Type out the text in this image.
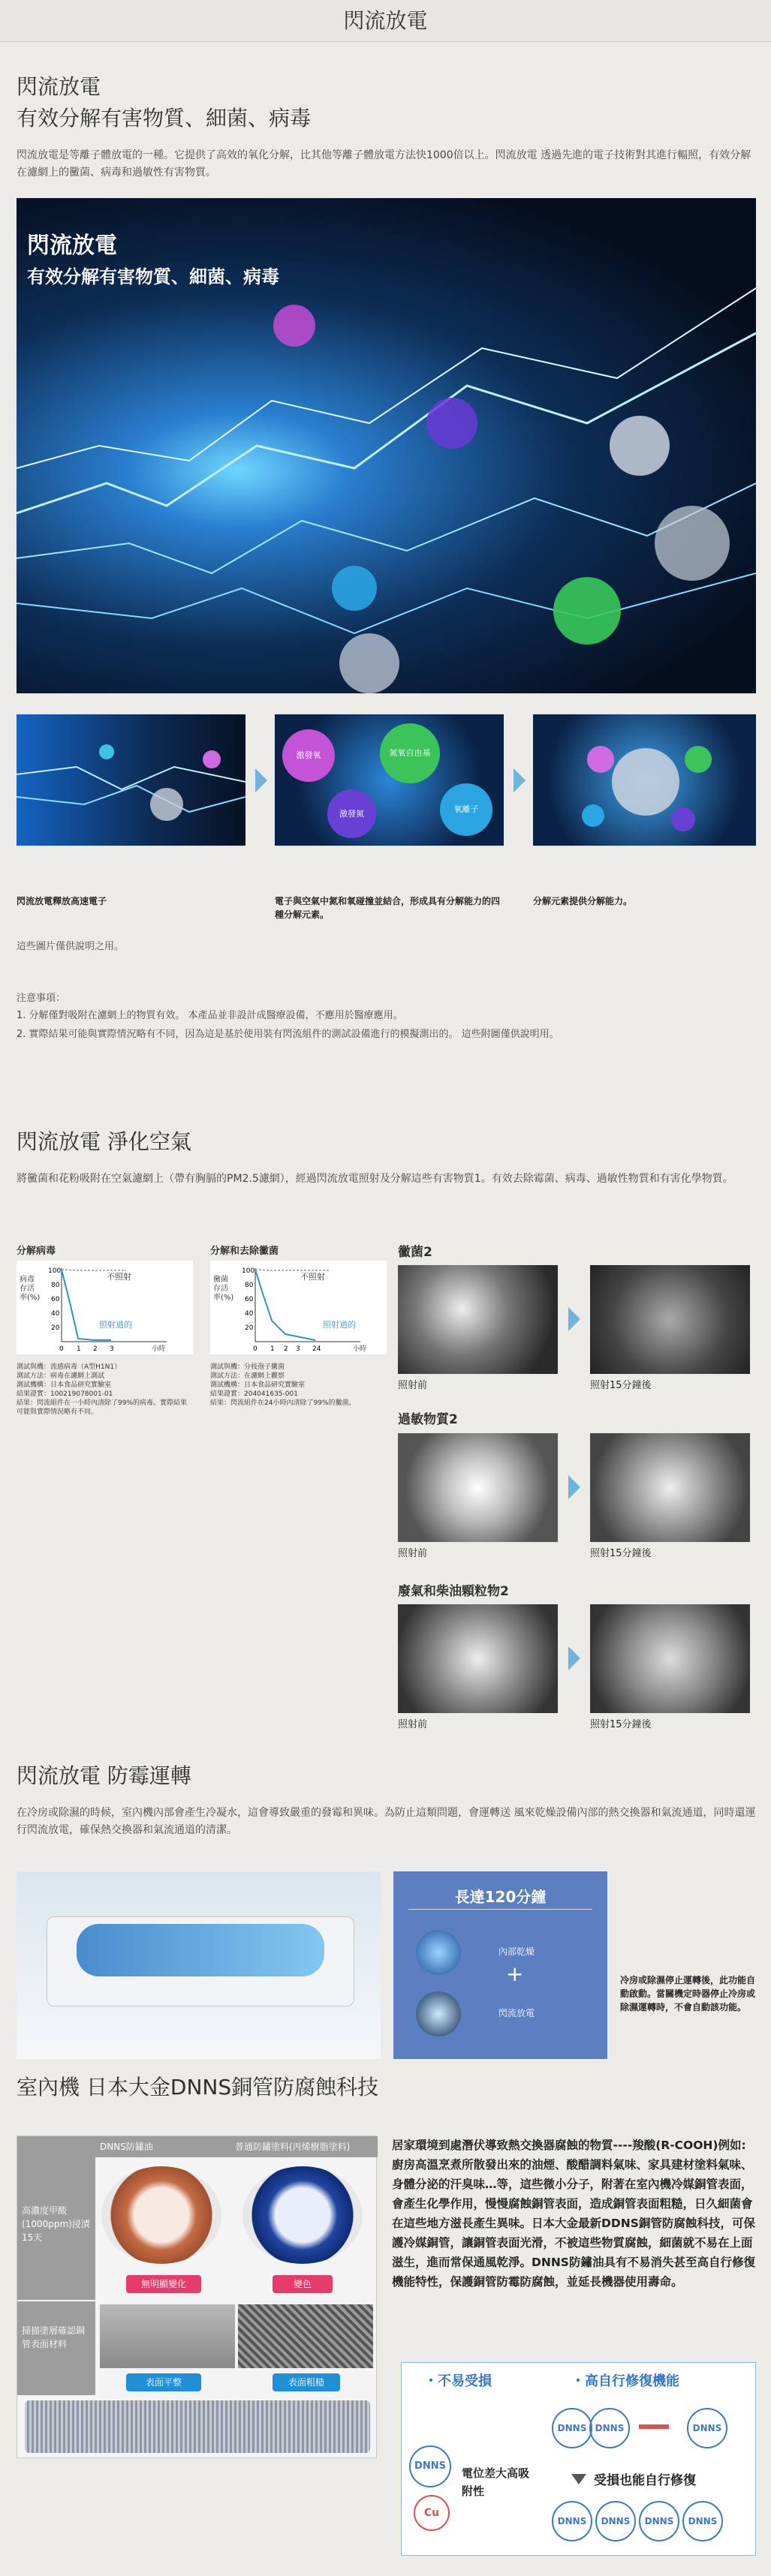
閃流放電
閃流放電
有效分解有害物質、細菌、病毒
閃流放電是等離子體放電的一種。它提供了高效的氧化分解，比其他等離子體放電方法快1000倍以上。閃流放電 透過先進的電子技術對其進行輻照，有效分解在濾網上的黴菌、病毒和過敏性有害物質。
閃流放電
有效分解有害物質、細菌、病毒
激發氧	氮氧自由基
激發氮	氧離子
閃流放電釋放高速電子	電子與空氣中氮和氧碰撞並結合，形成具有分解能力的四種分解元素。
分解元素提供分解能力。
這些圖片僅供說明之用。
注意事項：
1. 分解僅對吸附在濾網上的物質有效。 本產品並非設計成醫療設備，不應用於醫療應用。
2. 實際結果可能與實際情況略有不同，因為這是基於使用裝有閃流組件的測試設備進行的模擬測出的。 這些附圖僅供說明用。
閃流放電 淨化空氣
將黴菌和花粉吸附在空氣濾網上（帶有胸膈的PM2.5濾網），經過閃流放電照射及分解這些有害物質1。有效去除霉菌、病毒、過敏性物質和有害化學物質。
分解病毒
100
80
60
40
20
0 1 2 3
不照射
照射過的
病毒存活率(%)
小時
測試與機：流感病毒（A型H1N1）
測試方法：病毒在濾網上測試
測試機構：日本食品研究實驗室
結果證實：100219078001-01
結果：閃流組件在一小時內清除了99%的病毒。實際結果可能與實際情況略有不同。
分解和去除黴菌
100
80
60
40
20
0 1 2 3 24
不照射
照射過的
黴菌存活率(%)
小時
測試與機：分枝孢子黴菌
測試方法：在濾網上觀察
測試機構：日本食品研究實驗室
結果證實：204041635-001
結果：閃流組件在24小時內清除了99%的黴菌。
黴菌2
照射前	照射15分鐘後
過敏物質2
照射前	照射15分鐘後
廢氣和柴油顆粒物2
照射前	照射15分鐘後
閃流放電 防霉運轉
在冷房或除濕的時候，室內機內部會產生冷凝水，這會導致嚴重的發霉和異味。為防止這類問題，會運轉送 風來乾燥設備內部的熱交換器和氣流通道，同時還運行閃流放電，確保熱交換器和氣流通道的清潔。
長達120分鐘
內部乾燥
+
閃流放電
冷房或除濕停止運轉後，此功能自動啟動。當關機定時器停止冷房或除濕運轉時，不會自動該功能。
室內機 日本大金DNNS銅管防腐蝕科技
DNNS防鏽油	普通防鏽塗料(丙烯樹脂塗料)
高濃度甲酸(1000ppm)浸漬15天
無明顯變化	變色
掃描塗層確認銅管表面材料
表面平整	表面粗糙
居家環境到處潛伏導致熱交換器腐蝕的物質----羧酸(R-COOH)例如:廚房高溫烹煮所散發出來的油煙、酸醋調料氣味、家具建材塗料氣味、身體分泌的汗臭味…等，這些微小分子，附著在室內機冷媒銅管表面，會產生化學作用，慢慢腐蝕銅管表面，造成銅管表面粗糙，日久細菌會在這些地方滋長產生異味。日本大金最新DDNS銅管防腐蝕科技，可保護冷媒銅管，讓銅管表面光滑，不被這些物質腐蝕，細菌就不易在上面滋生，進而常保通風乾淨。DNNS防鏽油具有不易消失甚至高自行修復機能特性，保護銅管防霉防腐蝕，並延長機器使用壽命。
・不易受損	・高自行修復機能
DNNS
Cu
電位差大高吸附性
DNNS DNNS	DNNS
受損也能自行修復
DNNS	DNNS	DNNS	DNNS
